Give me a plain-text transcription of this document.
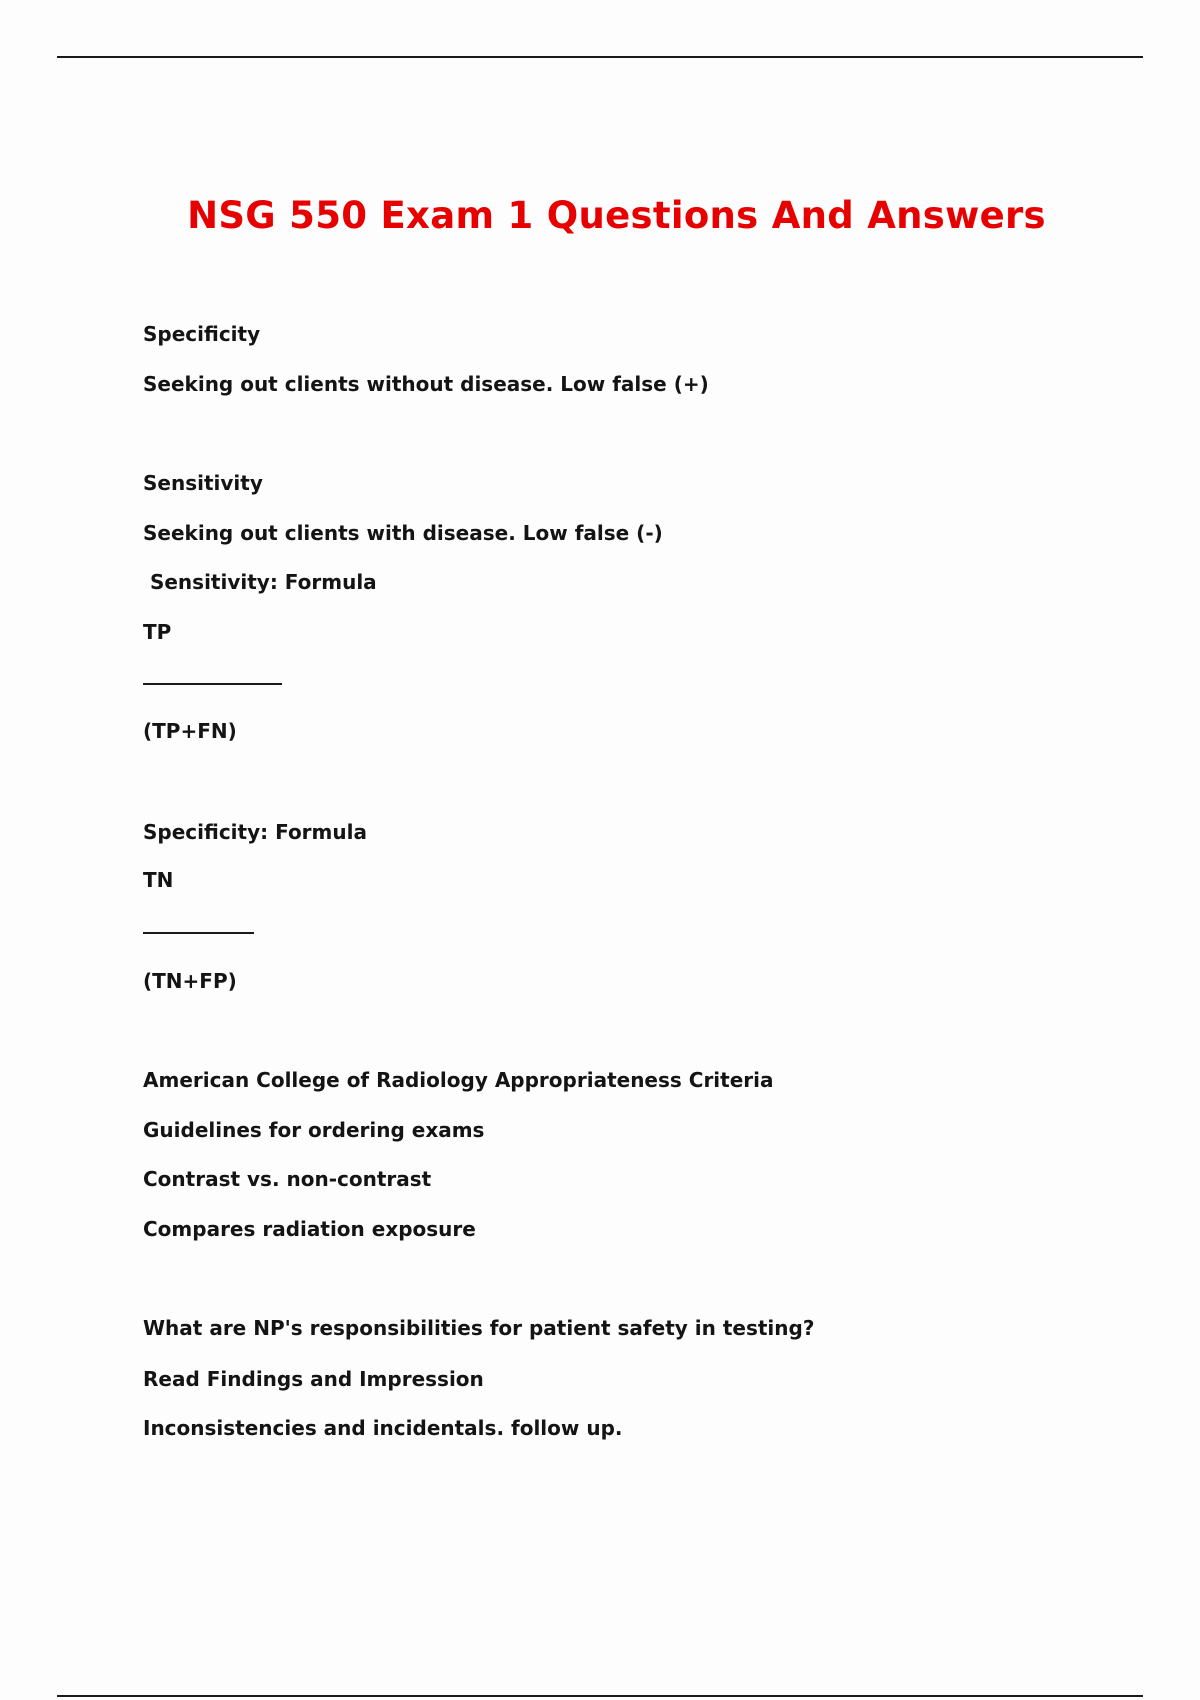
NSG 550 Exam 1 Questions And Answers

Specificity

Seeking out clients without disease. Low false (+)

Sensitivity

Seeking out clients with disease. Low false (-)

Sensitivity: Formula

TP

(TP+FN)

Specificity: Formula

TN

(TN+FP)

American College of Radiology Appropriateness Criteria

Guidelines for ordering exams

Contrast vs. non-contrast

Compares radiation exposure

What are NP's responsibilities for patient safety in testing?

Read Findings and Impression

Inconsistencies and incidentals. follow up.
